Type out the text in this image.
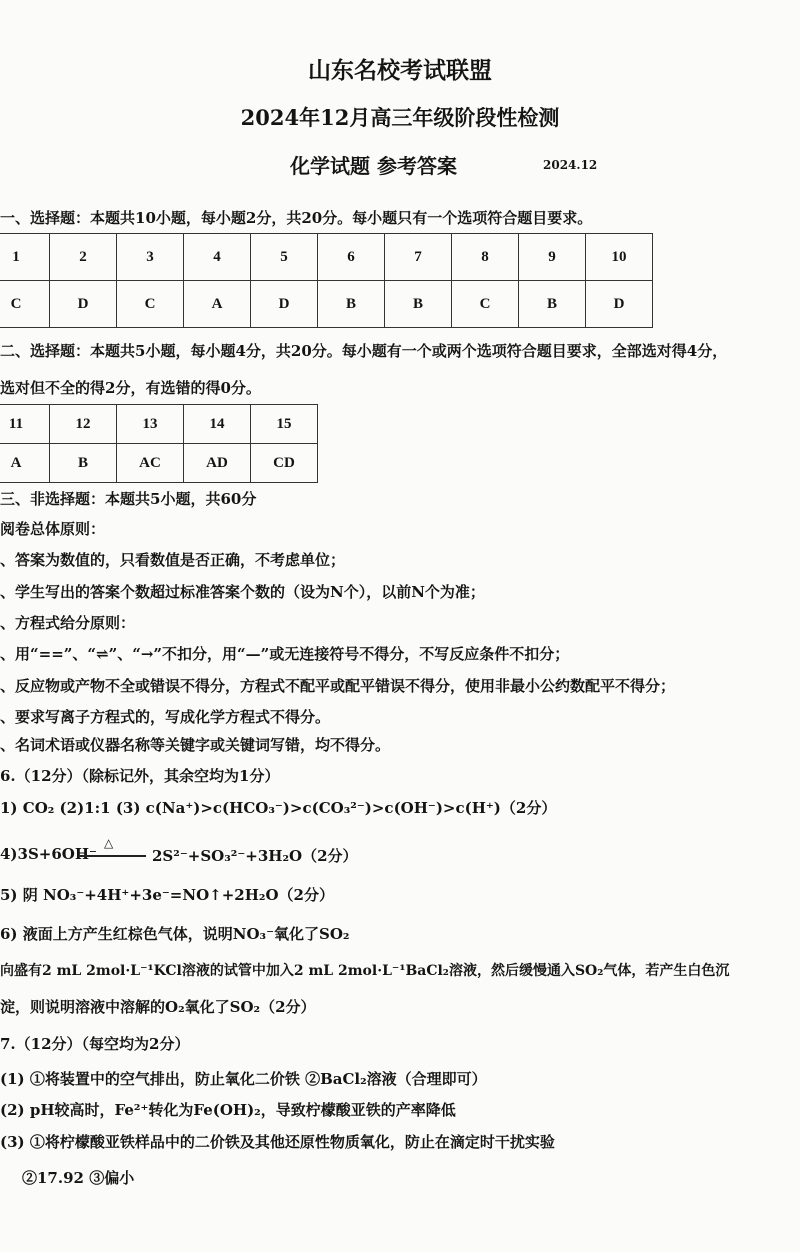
山东名校考试联盟
2024年12月高三年级阶段性检测
化学试题 参考答案	2024.12
一、选择题：本题共10小题，每小题2分，共20分。每小题只有一个选项符合题目要求。
1	2	3	4	5	6	7	8	9	10
C	D	C	A	D	B	B	C	B	D
二、选择题：本题共5小题，每小题4分，共20分。每小题有一个或两个选项符合题目要求，全部选对得4分，
选对但不全的得2分，有选错的得0分。
11	12	13	14	15
A	B	AC	AD	CD
三、非选择题：本题共5小题，共60分
阅卷总体原则：
、答案为数值的，只看数值是否正确，不考虑单位；
、学生写出的答案个数超过标准答案个数的（设为N个），以前N个为准；
、方程式给分原则：
、用“==”、“⇌”、“→”不扣分，用“—”或无连接符号不得分，不写反应条件不扣分；
、反应物或产物不全或错误不得分，方程式不配平或配平错误不得分，使用非最小公约数配平不得分；
、要求写离子方程式的，写成化学方程式不得分。
、名词术语或仪器名称等关键字或关键词写错，均不得分。
6.（12分）（除标记外，其余空均为1分）
1) CO₂ (2)1:1 (3) c(Na⁺)>c(HCO₃⁻)>c(CO₃²⁻)>c(OH⁻)>c(H⁺)（2分）
4)3S+6OH⁻
△
2S²⁻+SO₃²⁻+3H₂O（2分）
5) 阴 NO₃⁻+4H⁺+3e⁻=NO↑+2H₂O（2分）
6) 液面上方产生红棕色气体，说明NO₃⁻氧化了SO₂
向盛有2 mL 2mol·L⁻¹KCl溶液的试管中加入2 mL 2mol·L⁻¹BaCl₂溶液，然后缓慢通入SO₂气体，若产生白色沉
淀，则说明溶液中溶解的O₂氧化了SO₂（2分）
7.（12分）（每空均为2分）
(1) ①将装置中的空气排出，防止氧化二价铁 ②BaCl₂溶液（合理即可）
(2) pH较高时，Fe²⁺转化为Fe(OH)₂，导致柠檬酸亚铁的产率降低
(3) ①将柠檬酸亚铁样品中的二价铁及其他还原性物质氧化，防止在滴定时干扰实验
②17.92 ③偏小
